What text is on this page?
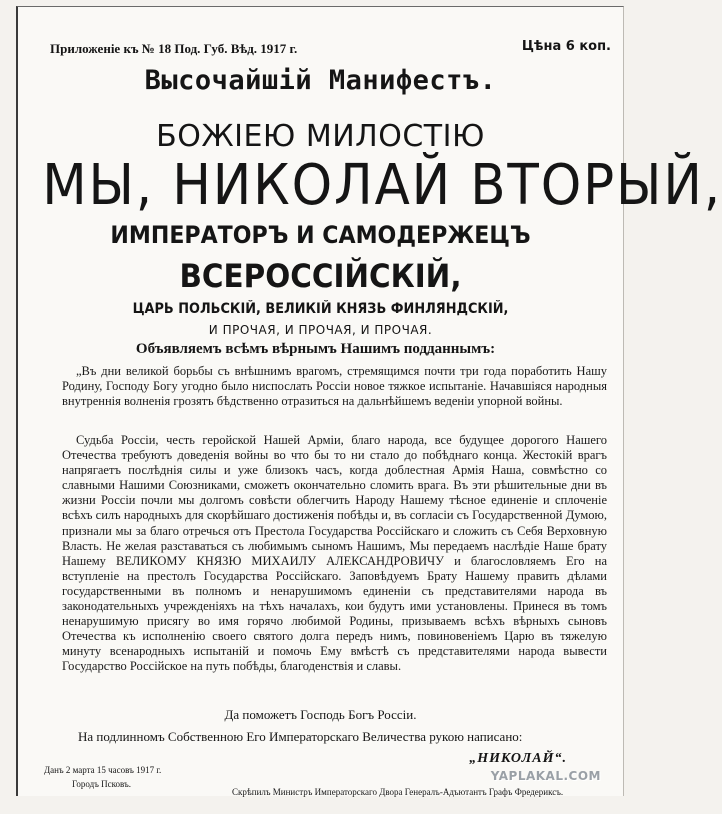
Приложеніе къ № 18 Под. Губ. Вѣд. 1917 г.	Цѣна 6 коп.
Высочайшій Манифестъ.
БОЖІЕЮ МИЛОСТІЮ
МЫ, НИКОЛАЙ ВТОРЫЙ,
ИМПЕРАТОРЪ И САМОДЕРЖЕЦЪ
ВСЕРОССІЙСКІЙ,
ЦАРЬ ПОЛЬСКІЙ, ВЕЛИКІЙ КНЯЗЬ ФИНЛЯНДСКІЙ,
И ПРОЧАЯ, И ПРОЧАЯ, И ПРОЧАЯ.
Объявляемъ всѣмъ вѣрнымъ Нашимъ подданнымъ:
„Въ дни великой борьбы съ внѣшнимъ врагомъ, стремящимся почти три года поработить Нашу Родину, Господу Богу угодно было ниспослать Россіи новое тяжкое испытаніе. Начавшіяся народныя внутреннія волненія грозятъ бѣдственно отразиться на дальнѣйшемъ веденіи упорной войны.
Судьба Россіи, честь геройской Нашей Арміи, благо народа, все будущее дорогого Нашего Отечества требуютъ доведенія войны во что бы то ни стало до побѣднаго конца. Жестокій врагъ напрягаетъ послѣднія силы и уже близокъ часъ, когда доблестная Армія Наша, совмѣстно со славными Нашими Союзниками, сможетъ окончательно сломить врага. Въ эти рѣшительные дни въ жизни Россіи почли мы долгомъ совѣсти облегчить Народу Нашему тѣсное единеніе и сплоченіе всѣхъ силъ народныхъ для скорѣйшаго достиженія побѣды и, въ согласіи съ Государственной Думою, признали мы за благо отречься отъ Престола Государства Россійскаго и сложить съ Себя Верховную Власть. Не желая разставаться съ любимымъ сыномъ Нашимъ, Мы передаемъ наслѣдіе Наше брату Нашему ВЕЛИКОМУ КНЯЗЮ МИХАИЛУ АЛЕКСАНДРОВИЧУ и благословляемъ Его на вступленіе на престолъ Государства Россійскаго. Заповѣдуемъ Брату Нашему править дѣлами государственными въ полномъ и ненарушимомъ единеніи съ представителями народа въ законодательныхъ учрежденіяхъ на тѣхъ началахъ, кои будутъ ими установлены. Принеся въ томъ ненарушимую присягу во имя горячо любимой Родины, призываемъ всѣхъ вѣрныхъ сыновъ Отечества къ исполненію своего святого долга передъ нимъ, повиновеніемъ Царю въ тяжелую минуту всенародныхъ испытаній и помочь Ему вмѣстѣ съ представителями народа вывести Государство Россійское на путь побѣды, благоденствія и славы.
Да поможетъ Господь Богъ Россіи.
На подлинномъ Собственною Его Императорскаго Величества рукою написано:
„НИКОЛАЙ“.
Данъ 2 марта 15 часовъ 1917 г.
Городъ Псковъ.
Скрѣпилъ Министръ Императорскаго Двора Генералъ-Адъютантъ Графъ Фредериксъ.
YAPLAKAL.COM
